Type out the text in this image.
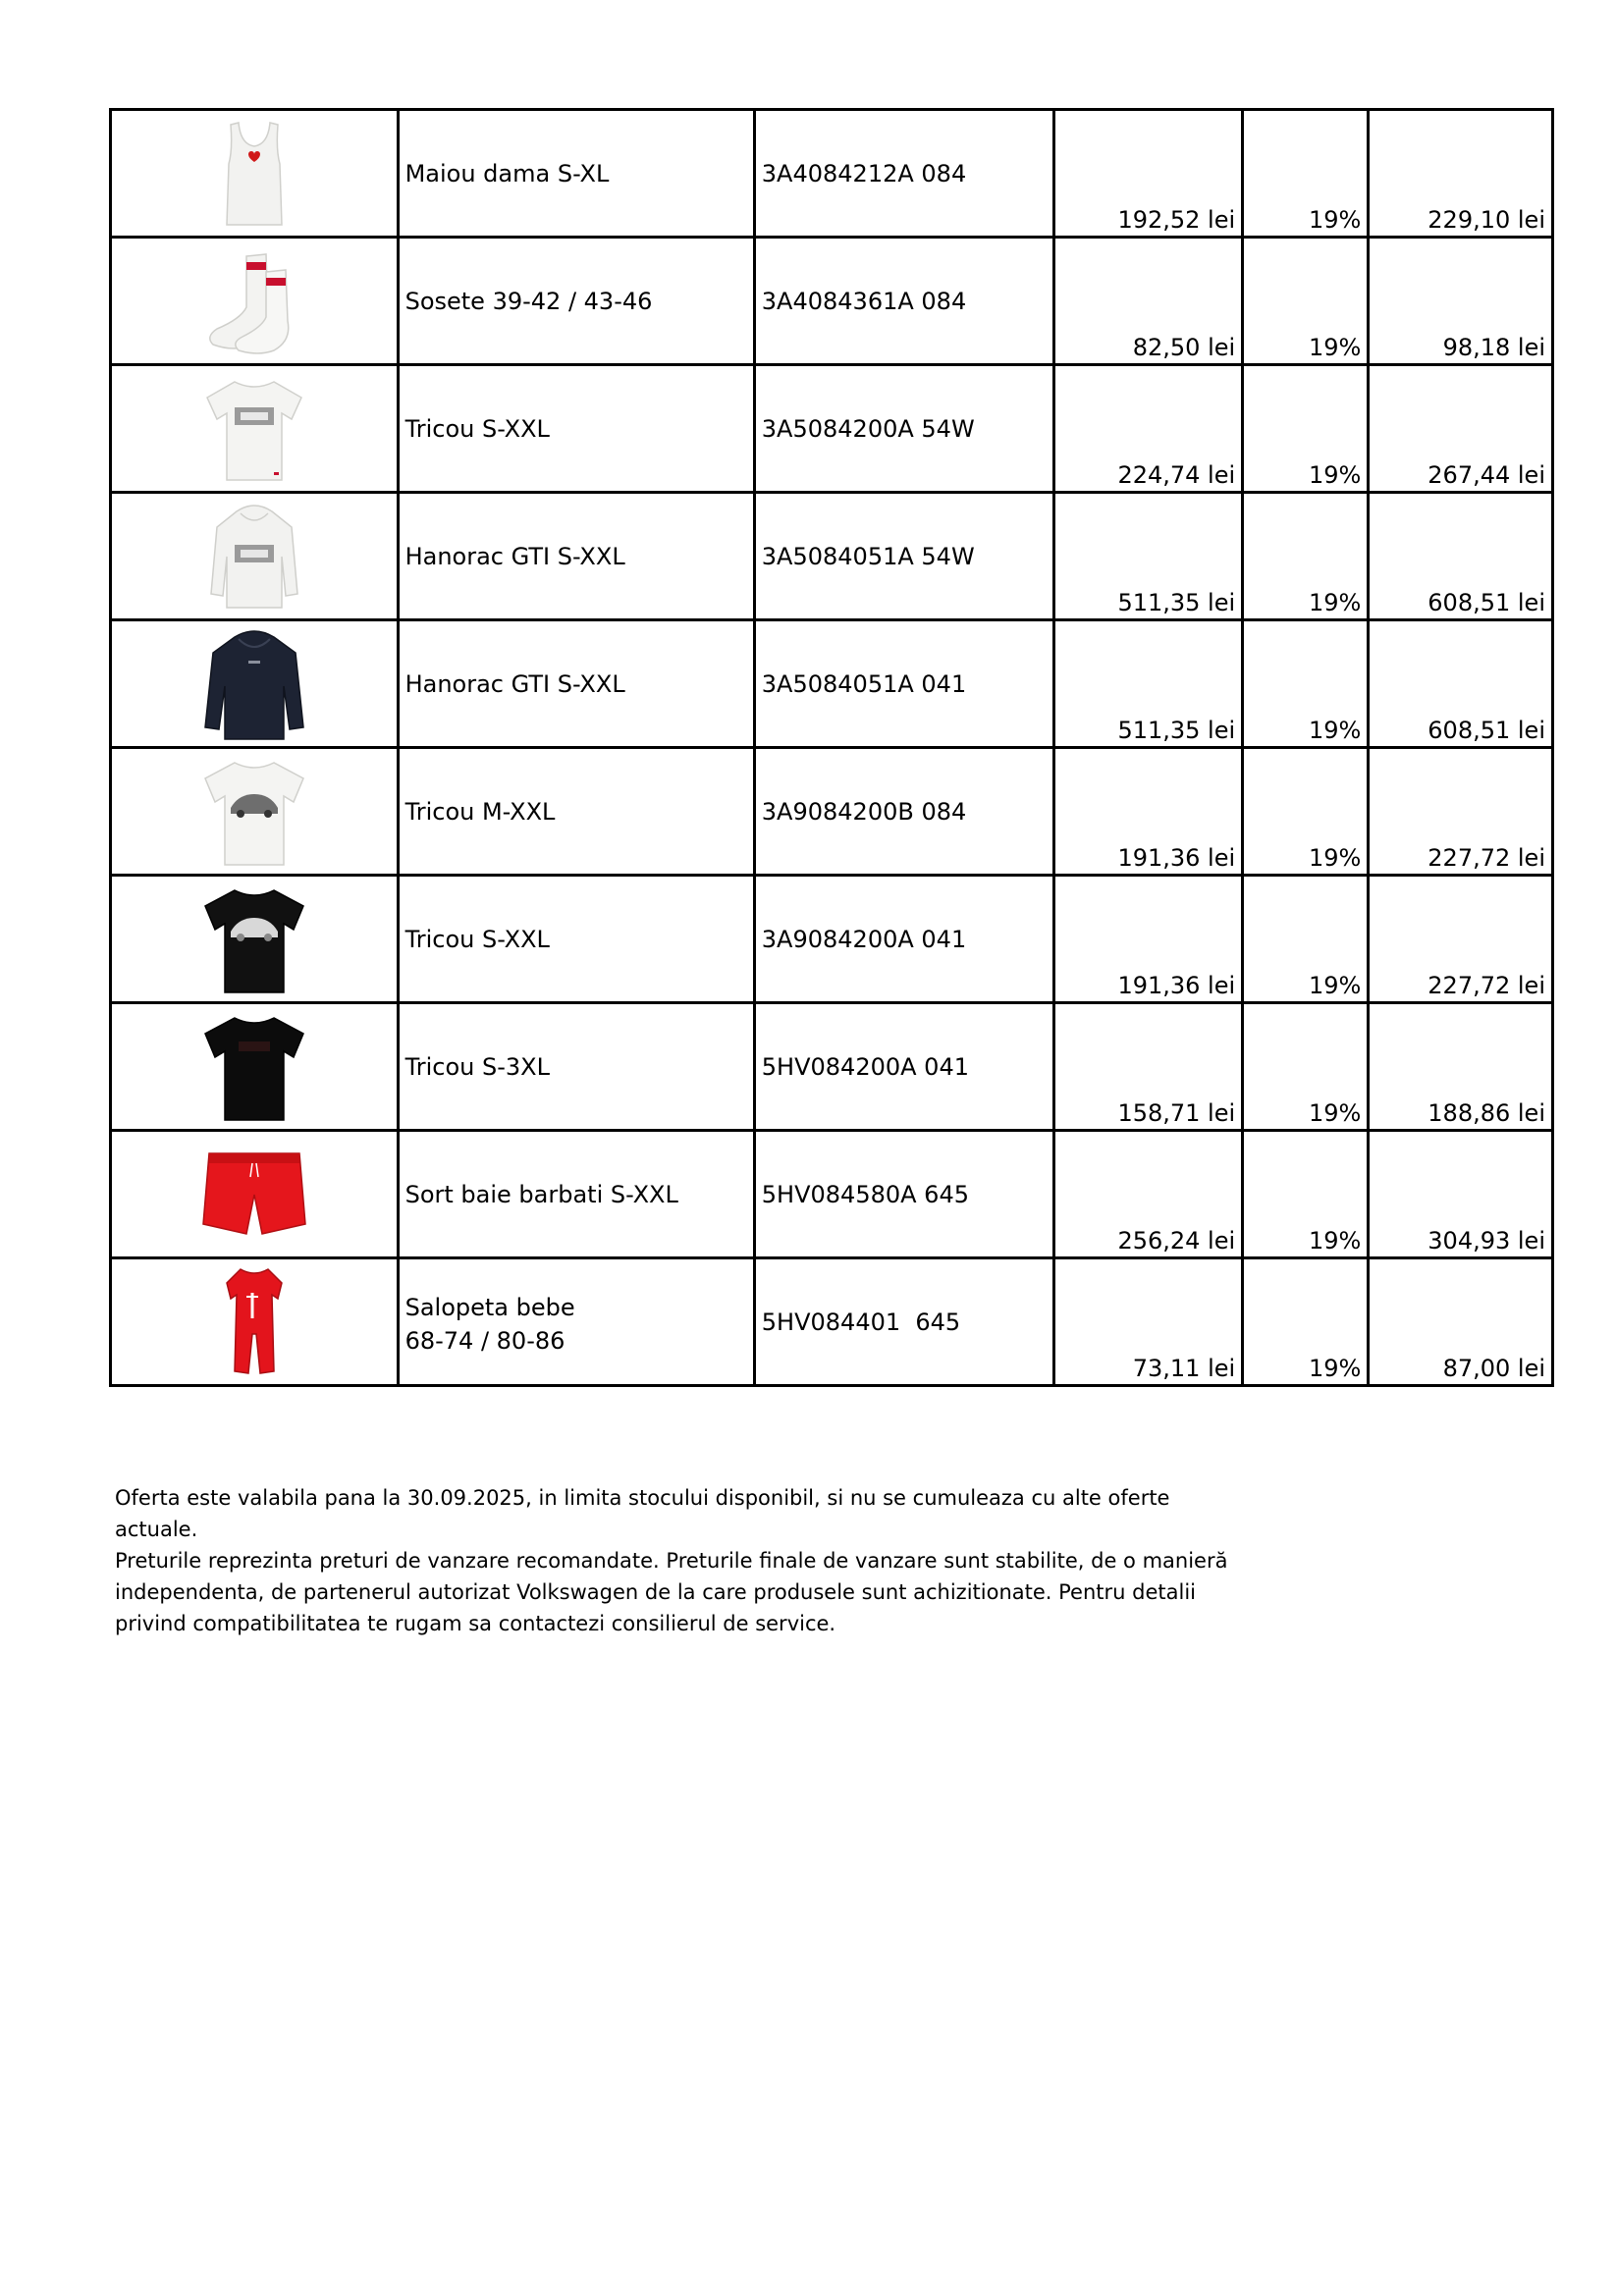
Maiou dama S-XL	3A4084212A 084	192,52 lei	19%	229,10 lei

Sosete 39-42 / 43-46	3A4084361A 084	82,50 lei	19%	98,18 lei

Tricou S-XXL	3A5084200A 54W	224,74 lei	19%	267,44 lei

Hanorac GTI S-XXL	3A5084051A 54W	511,35 lei	19%	608,51 lei

Hanorac GTI S-XXL	3A5084051A 041	511,35 lei	19%	608,51 lei

Tricou M-XXL	3A9084200B 084	191,36 lei	19%	227,72 lei

Tricou S-XXL	3A9084200A 041	191,36 lei	19%	227,72 lei

Tricou S-3XL	5HV084200A 041	158,71 lei	19%	188,86 lei

Sort baie barbati S-XXL	5HV084580A 645	256,24 lei	19%	304,93 lei

Salopeta bebe
68-74 / 80-86	5HV084401  645	73,11 lei	19%	87,00 lei

Oferta este valabila pana la 30.09.2025, in limita stocului disponibil, si nu se cumuleaza cu alte oferte actuale.

Preturile reprezinta preturi de vanzare recomandate. Preturile finale de vanzare sunt stabilite, de o manieră independenta, de partenerul autorizat Volkswagen de la care produsele sunt achizitionate. Pentru detalii privind compatibilitatea te rugam sa contactezi consilierul de service.
